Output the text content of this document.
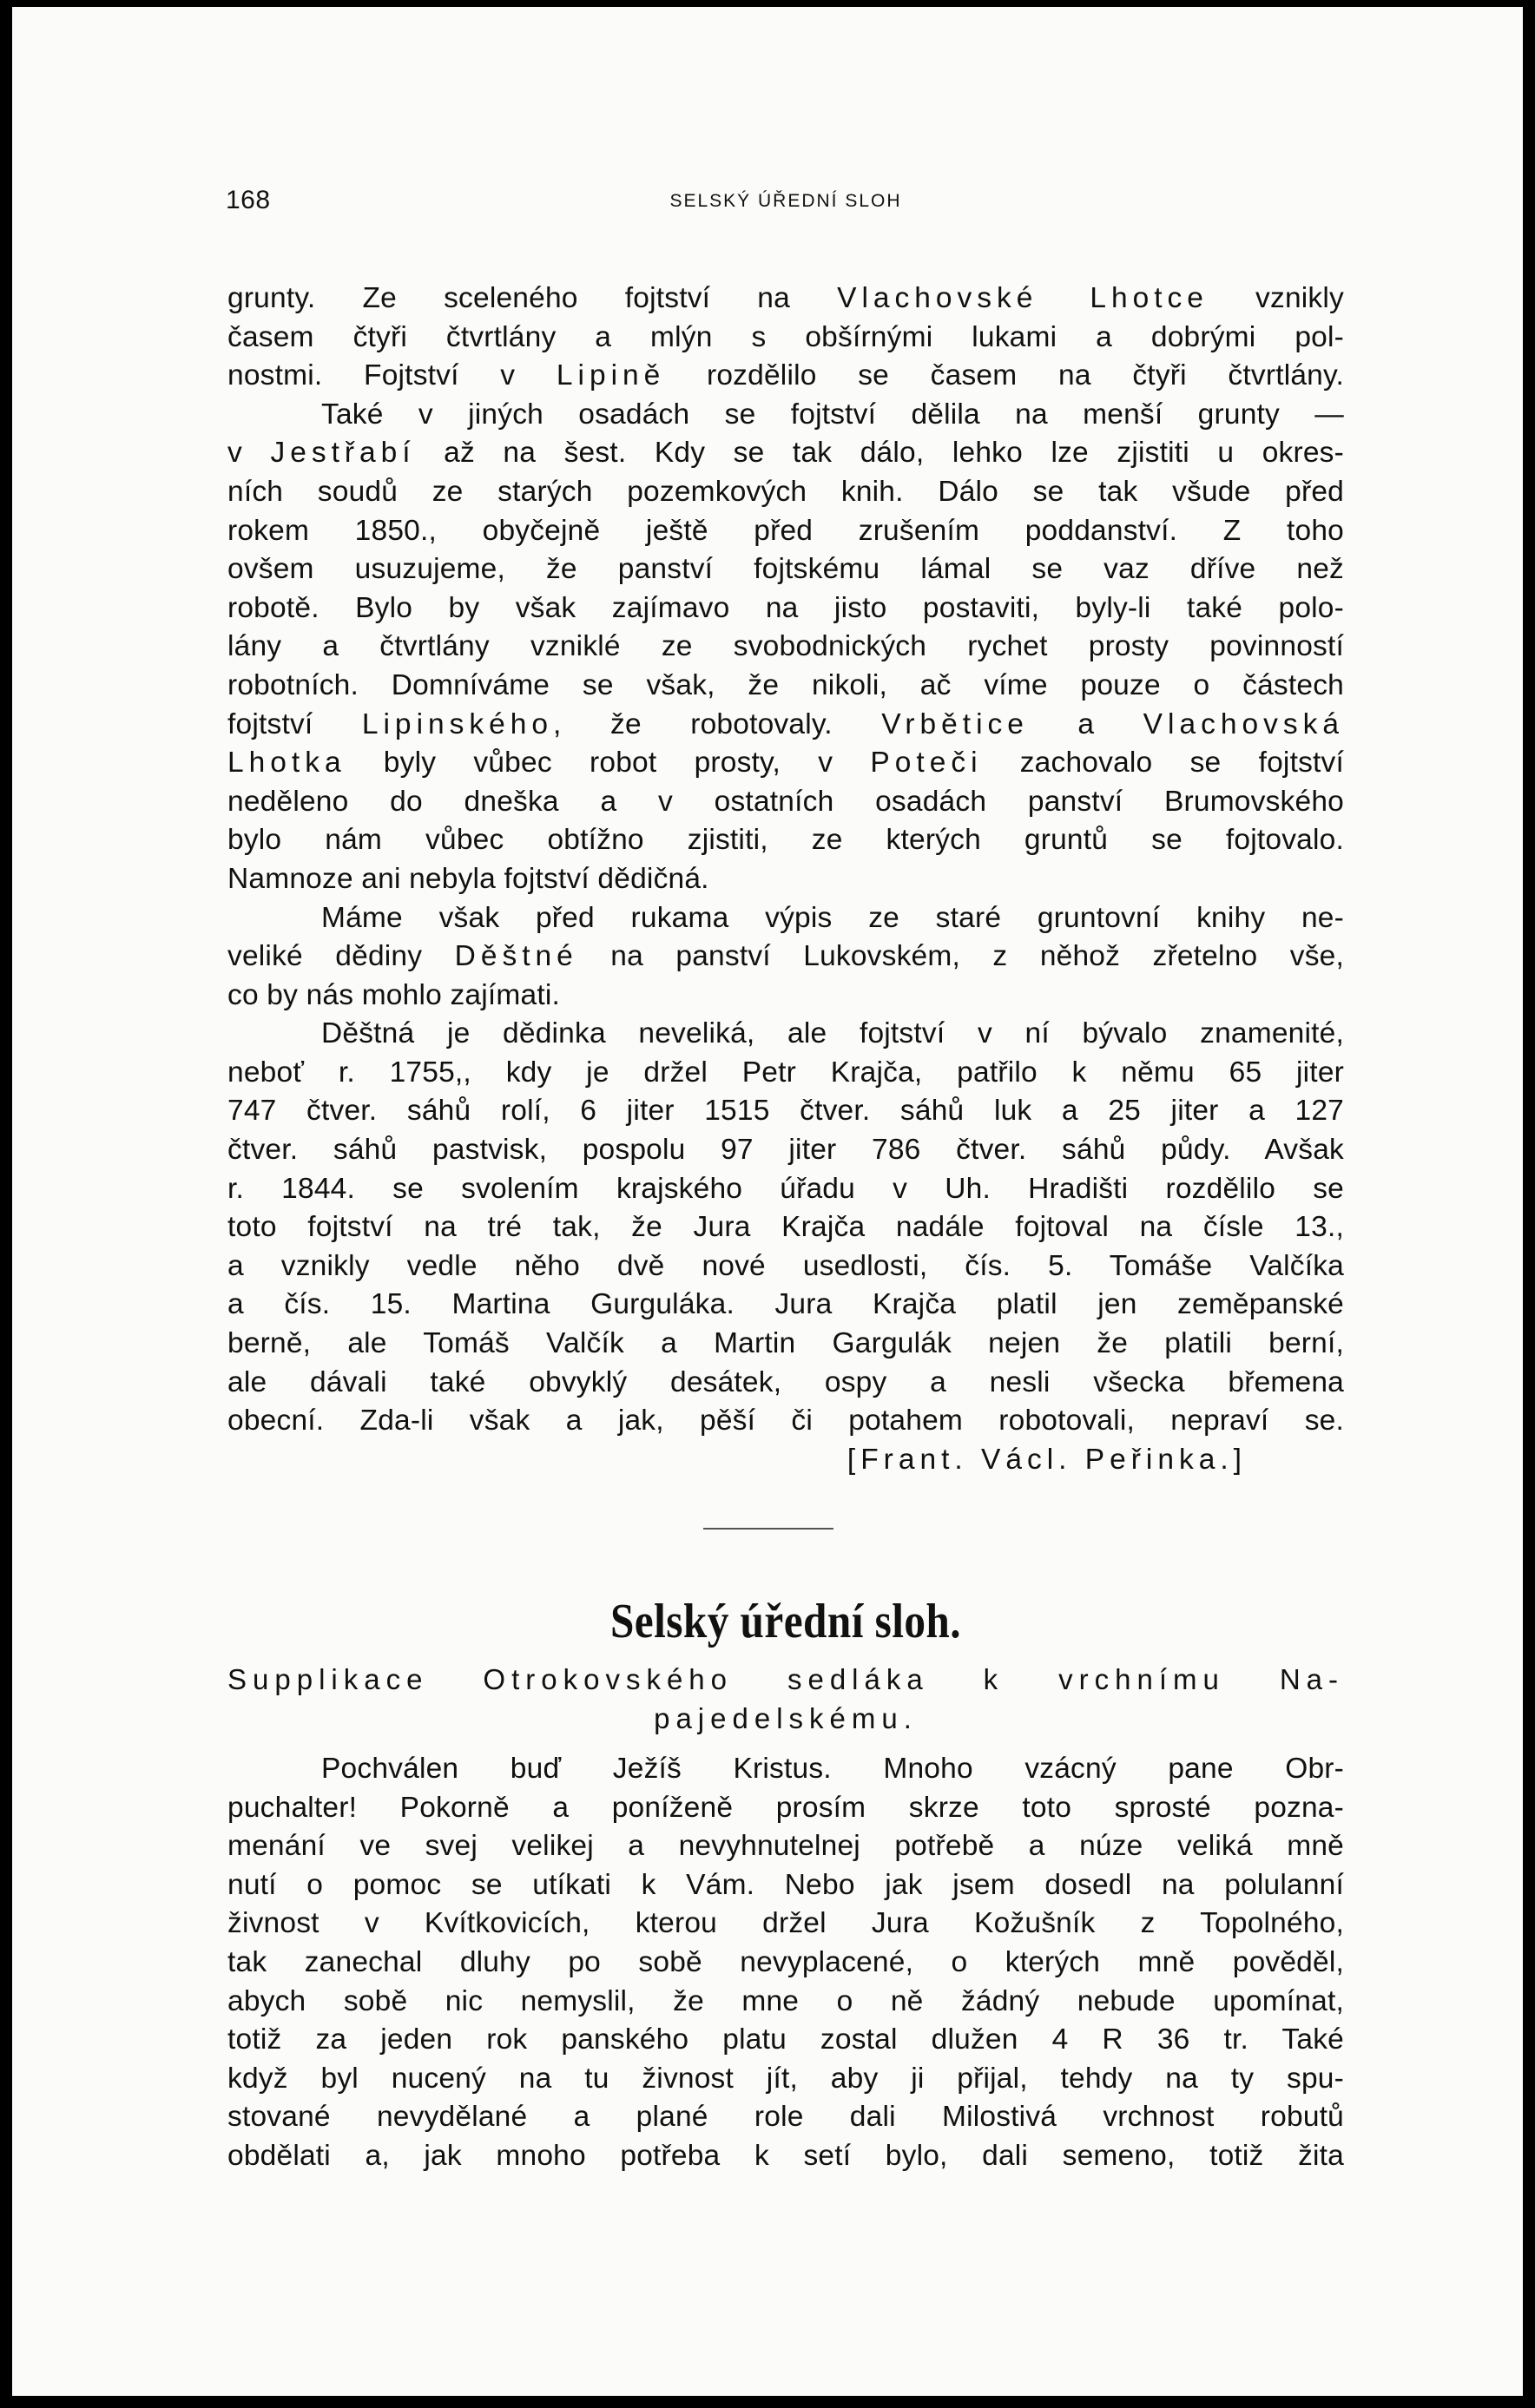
168	SELSKÝ ÚŘEDNÍ SLOH
grunty. Ze sceleného fojtství na Vlachovské Lhotce vznikly
časem čtyři čtvrtlány a mlýn s obšírnými lukami a dobrými pol-
nostmi. Fojtství v Lipině rozdělilo se časem na čtyři čtvrtlány.
Také v jiných osadách se fojtství dělila na menší grunty —
v Jestřabí až na šest. Kdy se tak dálo, lehko lze zjistiti u okres-
ních soudů ze starých pozemkových knih. Dálo se tak všude před
rokem 1850., obyčejně ještě před zrušením poddanství. Z toho
ovšem usuzujeme, že panství fojtskému lámal se vaz dříve než
robotě. Bylo by však zajímavo na jisto postaviti, byly-li také polo-
lány a čtvrtlány vzniklé ze svobodnických rychet prosty povinností
robotních. Domníváme se však, že nikoli, ač víme pouze o částech
fojtství Lipinského, že robotovaly. Vrbětice a Vlachovská
Lhotka byly vůbec robot prosty, v Poteči zachovalo se fojtství
neděleno do dneška a v ostatních osadách panství Brumovského
bylo nám vůbec obtížno zjistiti, ze kterých gruntů se fojtovalo.
Namnoze ani nebyla fojtství dědičná.
Máme však před rukama výpis ze staré gruntovní knihy ne-
veliké dědiny Děštné na panství Lukovském, z něhož zřetelno vše,
co by nás mohlo zajímati.
Děštná je dědinka neveliká, ale fojtství v ní bývalo znamenité,
neboť r. 1755,, kdy je držel Petr Krajča, patřilo k němu 65 jiter
747 čtver. sáhů rolí, 6 jiter 1515 čtver. sáhů luk a 25 jiter a 127
čtver. sáhů pastvisk, pospolu 97 jiter 786 čtver. sáhů půdy. Avšak
r. 1844. se svolením krajského úřadu v Uh. Hradišti rozdělilo se
toto fojtství na tré tak, že Jura Krajča nadále fojtoval na čísle 13.,
a vznikly vedle něho dvě nové usedlosti, čís. 5. Tomáše Valčíka
a čís. 15. Martina Gurguláka. Jura Krajča platil jen zeměpanské
berně, ale Tomáš Valčík a Martin Gargulák nejen že platili berní,
ale dávali také obvyklý desátek, ospy a nesli všecka břemena
obecní. Zda-li však a jak, pěší či potahem robotovali, nepraví se.
[Frant. Václ. Peřinka.]
Selský úřední sloh.
Supplikace Otrokovského sedláka k vrchnímu Na-
pajedelskému.
Pochválen buď Ježíš Kristus. Mnoho vzácný pane Obr-
puchalter! Pokorně a poníženě prosím skrze toto sprosté pozna-
menání ve svej velikej a nevyhnutelnej potřebě a núze veliká mně
nutí o pomoc se utíkati k Vám. Nebo jak jsem dosedl na polulanní
živnost v Kvítkovicích, kterou držel Jura Kožušník z Topolného,
tak zanechal dluhy po sobě nevyplacené, o kterých mně pověděl,
abych sobě nic nemyslil, že mne o ně žádný nebude upomínat,
totiž za jeden rok panského platu zostal dlužen 4 R 36 tr. Také
když byl nucený na tu živnost jít, aby ji přijal, tehdy na ty spu-
stované nevydělané a plané role dali Milostivá vrchnost robutů
obdělati a, jak mnoho potřeba k setí bylo, dali semeno, totiž žita
